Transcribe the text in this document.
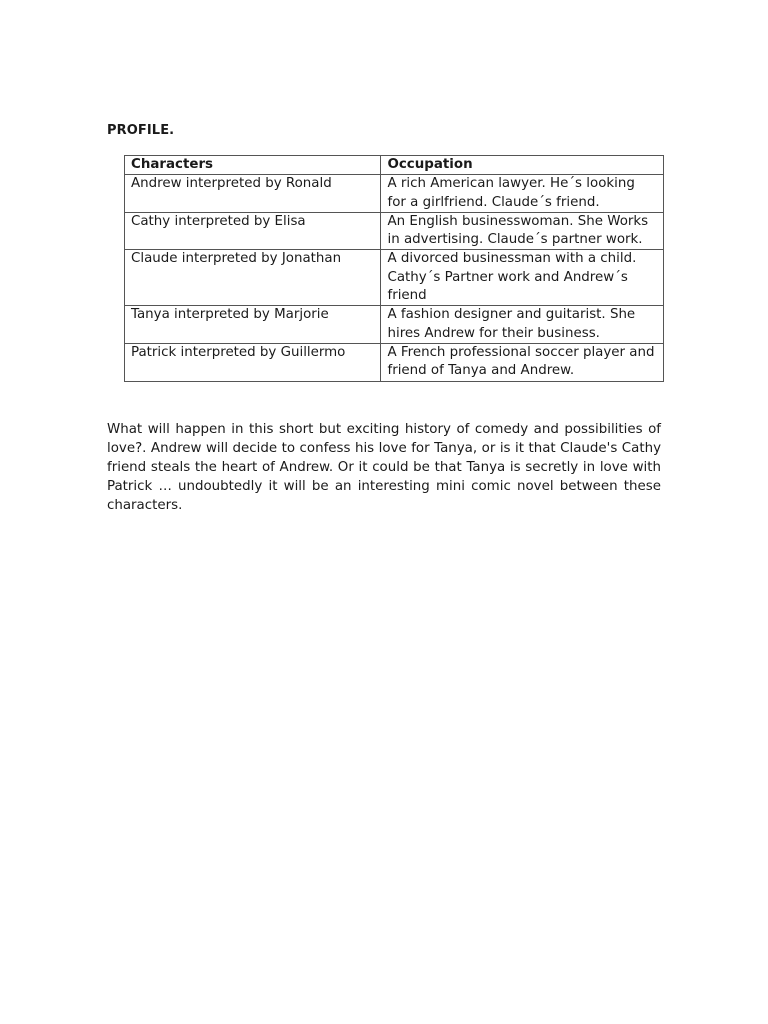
PROFILE.
Characters	Occupation
Andrew interpreted by Ronald	A rich American lawyer. He´s looking for a girlfriend. Claude´s friend.
Cathy interpreted by Elisa	An English businesswoman. She Works in advertising. Claude´s partner work.
Claude interpreted by Jonathan	A divorced businessman with a child. Cathy´s Partner work and Andrew´s friend
Tanya interpreted by Marjorie	A fashion designer and guitarist. She hires Andrew for their business.
Patrick interpreted by Guillermo	A French professional soccer player and friend of Tanya and Andrew.

What will happen in this short but exciting history of comedy and possibilities of love?. Andrew will decide to confess his love for Tanya, or is it that Claude's Cathy friend steals the heart of Andrew. Or it could be that Tanya is secretly in love with Patrick … undoubtedly it will be an interesting mini comic novel between these characters.
